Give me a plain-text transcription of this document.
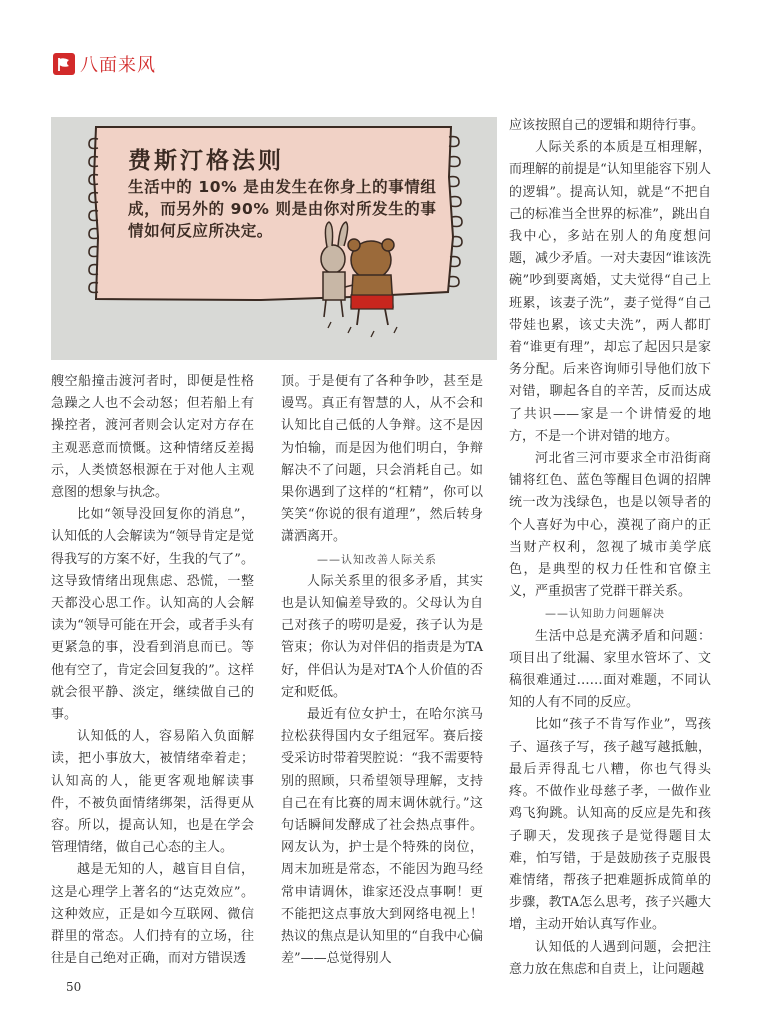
八面来风
费斯汀格法则
生活中的 10% 是由发生在你身上的事情组成，而另外的 90% 则是由你对所发生的事情如何反应所决定。

艘空船撞击渡河者时，即便是性格急躁之人也不会动怒；但若船上有操控者，渡河者则会认定对方存在主观恶意而愤慨。这种情绪反差揭示，人类愤怒根源在于对他人主观意图的想象与执念。

比如“领导没回复你的消息”，认知低的人会解读为“领导肯定是觉得我写的方案不好，生我的气了”。这导致情绪出现焦虑、恐慌，一整天都没心思工作。认知高的人会解读为“领导可能在开会，或者手头有更紧急的事，没看到消息而已。等他有空了，肯定会回复我的”。这样就会很平静、淡定，继续做自己的事。

认知低的人，容易陷入负面解读，把小事放大，被情绪牵着走；认知高的人，能更客观地解读事件，不被负面情绪绑架，活得更从容。所以，提高认知，也是在学会管理情绪，做自己心态的主人。

越是无知的人，越盲目自信，这是心理学上著名的“达克效应”。这种效应，正是如今互联网、微信群里的常态。人们持有的立场，往往是自己绝对正确，而对方错误透

顶。于是便有了各种争吵，甚至是谩骂。真正有智慧的人，从不会和认知比自己低的人争辩。这不是因为怕输，而是因为他们明白，争辩解决不了问题，只会消耗自己。如果你遇到了这样的“杠精”，你可以笑笑“你说的很有道理”，然后转身潇洒离开。

——认知改善人际关系

人际关系里的很多矛盾，其实也是认知偏差导致的。父母认为自己对孩子的唠叨是爱，孩子认为是管束；你认为对伴侣的指责是为TA好，伴侣认为是对TA个人价值的否定和贬低。

最近有位女护士，在哈尔滨马拉松获得国内女子组冠军。赛后接受采访时带着哭腔说：“我不需要特别的照顾，只希望领导理解，支持自己在有比赛的周末调休就行。”这句话瞬间发酵成了社会热点事件。网友认为，护士是个特殊的岗位，周末加班是常态，不能因为跑马经常申请调休，谁家还没点事啊！更不能把这点事放大到网络电视上！热议的焦点是认知里的“自我中心偏差”——总觉得别人

应该按照自己的逻辑和期待行事。

人际关系的本质是互相理解，而理解的前提是“认知里能容下别人的逻辑”。提高认知，就是“不把自己的标准当全世界的标准”，跳出自我中心，多站在别人的角度想问题，减少矛盾。一对夫妻因“谁该洗碗”吵到要离婚，丈夫觉得“自己上班累，该妻子洗”，妻子觉得“自己带娃也累，该丈夫洗”，两人都盯着“谁更有理”，却忘了起因只是家务分配。后来咨询师引导他们放下对错，聊起各自的辛苦，反而达成了共识——家是一个讲情爱的地方，不是一个讲对错的地方。

河北省三河市要求全市沿街商铺将红色、蓝色等醒目色调的招牌统一改为浅绿色，也是以领导者的个人喜好为中心，漠视了商户的正当财产权利，忽视了城市美学底色，是典型的权力任性和官僚主义，严重损害了党群干群关系。

——认知助力问题解决

生活中总是充满矛盾和问题：项目出了纰漏、家里水管坏了、文稿很难通过……面对难题，不同认知的人有不同的反应。

比如“孩子不肯写作业”，骂孩子、逼孩子写，孩子越写越抵触，最后弄得乱七八糟，你也气得头疼。不做作业母慈子孝，一做作业鸡飞狗跳。认知高的反应是先和孩子聊天，发现孩子是觉得题目太难，怕写错，于是鼓励孩子克服畏难情绪，帮孩子把难题拆成简单的步骤，教TA怎么思考，孩子兴趣大增，主动开始认真写作业。

认知低的人遇到问题，会把注意力放在焦虑和自责上，让问题越

50
